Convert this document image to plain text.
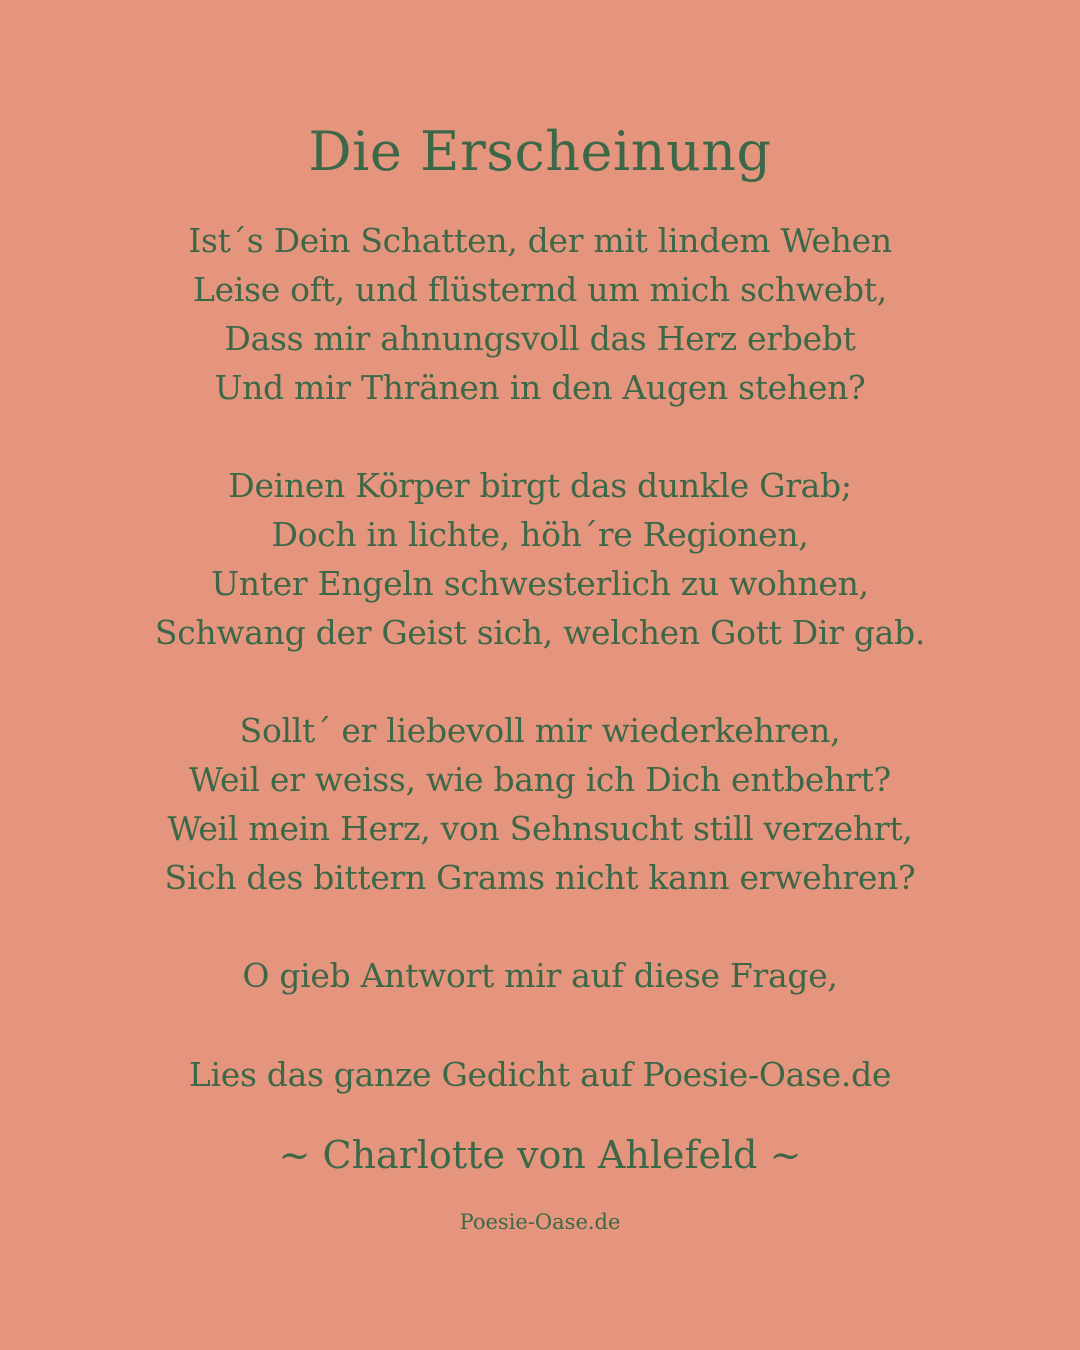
Die Erscheinung
Ist´s Dein Schatten, der mit lindem Wehen
Leise oft, und flüsternd um mich schwebt,
Dass mir ahnungsvoll das Herz erbebt
Und mir Thränen in den Augen stehen?
Deinen Körper birgt das dunkle Grab;
Doch in lichte, höh´re Regionen,
Unter Engeln schwesterlich zu wohnen,
Schwang der Geist sich, welchen Gott Dir gab.
Sollt´ er liebevoll mir wiederkehren,
Weil er weiss, wie bang ich Dich entbehrt?
Weil mein Herz, von Sehnsucht still verzehrt,
Sich des bittern Grams nicht kann erwehren?
O gieb Antwort mir auf diese Frage,
Lies das ganze Gedicht auf Poesie-Oase.de
~ Charlotte von Ahlefeld ~
Poesie-Oase.de
